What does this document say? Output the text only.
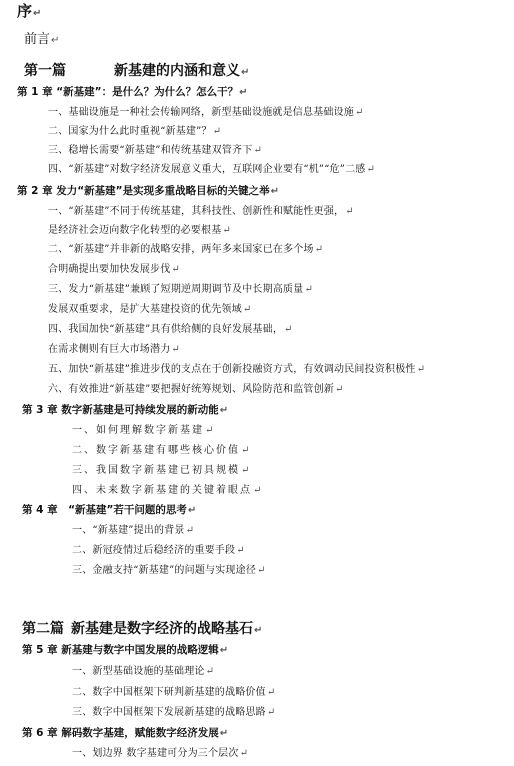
序↵
前言↵
第一篇	新基建的内涵和意义↵
第 1 章 “新基建”：是什么？为什么？怎么干？↵
一、基础设施是一种社会传输网络，新型基础设施就是信息基础设施↵
二、国家为什么此时重视“新基建”？↵
三、稳增长需要“新基建”和传统基建双管齐下↵
四、“新基建”对数字经济发展意义重大，互联网企业要有“机”“危”二感↵
第 2 章 发力“新基建”是实现多重战略目标的关键之举↵
一、“新基建”不同于传统基建，其科技性、创新性和赋能性更强，↵
是经济社会迈向数字化转型的必要根基↵
二、“新基建”并非新的战略安排，两年多来国家已在多个场↵
合明确提出要加快发展步伐↵
三、发力“新基建”兼顾了短期逆周期调节及中长期高质量↵
发展双重要求，是扩大基建投资的优先领域↵
四、我国加快“新基建”具有供给侧的良好发展基础，↵
在需求侧则有巨大市场潜力↵
五、加快“新基建”推进步伐的支点在于创新投融资方式，有效调动民间投资积极性↵
六、有效推进“新基建”要把握好统筹规划、风险防范和监管创新↵
第 3 章 数字新基建是可持续发展的新动能↵
一、如何理解数字新基建↵
二、数字新基建有哪些核心价值↵
三、我国数字新基建已初具规模↵
四、未来数字新基建的关键着眼点↵
第 4 章　“新基建”若干问题的思考↵
一、“新基建”提出的背景↵
二、新冠疫情过后稳经济的重要手段↵
三、金融支持“新基建”的问题与实现途径↵
第二篇 新基建是数字经济的战略基石↵
第 5 章 新基建与数字中国发展的战略逻辑↵
一、新型基础设施的基础理论↵
二、数字中国框架下研判新基建的战略价值↵
三、数字中国框架下发展新基建的战略思路↵
第 6 章 解码数字基建，赋能数字经济发展↵
一、划边界 数字基建可分为三个层次↵
